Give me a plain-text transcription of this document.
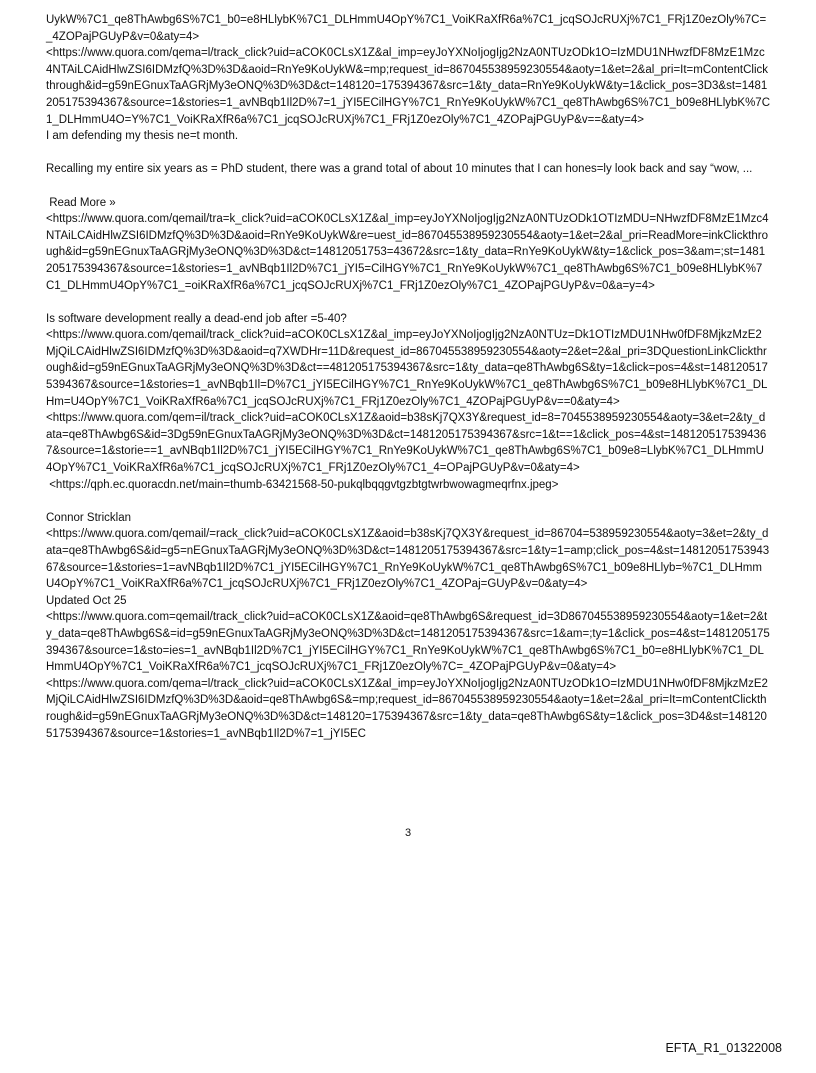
UykW%7C1_qe8ThAwbg6S%7C1_b0=e8HLlybK%7C1_DLHmmU4OpY%7C1_VoiKRaXfR6a%7C1_jcqSOJcRUXj%7C1_FRj1Z0ezOly%7C=_4ZOPajPGUyP&v=0&aty=4>

<https://www.quora.com/qema=l/track_click?uid=aCOK0CLsX1Z&al_imp=eyJoYXNoIjogIjg2NzA0NTUzODk1O=IzMDU1NHwzfDF8MzE1Mzc4NTAiLCAidHlwZSI6IDMzfQ%3D%3D&aoid=RnYe9KoUykW&=mp;request_id=867045538959230554&aoty=1&et=2&al_pri=It=mContentClickthrough&id=g59nEGnuxTaAGRjMy3eONQ%3D%3D&ct=148120=175394367&src=1&ty_data=RnYe9KoUykW&ty=1&click_pos=3D3&st=1481205175394367&source=1&stories=1_avNBqb1Il2D%7=1_jYI5ECilHGY%7C1_RnYe9KoUykW%7C1_qe8ThAwbg6S%7C1_b09e8HLlybK%7C1_DLHmmU4O=Y%7C1_VoiKRaXfR6a%7C1_jcqSOJcRUXj%7C1_FRj1Z0ezOly%7C1_4ZOPajPGUyP&v==&aty=4>

I am defending my thesis ne=t month.

Recalling my entire six years as = PhD student, there was a grand total of about 10 minutes that I can hones=ly look back and say “wow, ...

Read More »

<https://www.quora.com/qemail/tra=k_click?uid=aCOK0CLsX1Z&al_imp=eyJoYXNoIjogIjg2NzA0NTUzODk1OTIzMDU=NHwzfDF8MzE1Mzc4NTAiLCAidHlwZSI6IDMzfQ%3D%3D&aoid=RnYe9KoUykW&re=uest_id=867045538959230554&aoty=1&et=2&al_pri=ReadMore=inkClickthrough&id=g59nEGnuxTaAGRjMy3eONQ%3D%3D&ct=14812051753=43672&src=1&ty_data=RnYe9KoUykW&ty=1&click_pos=3&am=;st=1481205175394367&source=1&stories=1_avNBqb1Il2D%7C1_jYI5=CilHGY%7C1_RnYe9KoUykW%7C1_qe8ThAwbg6S%7C1_b09e8HLlybK%7C1_DLHmmU4OpY%7C1_=oiKRaXfR6a%7C1_jcqSOJcRUXj%7C1_FRj1Z0ezOly%7C1_4ZOPajPGUyP&v=0&a=y=4>

Is software development really a dead-end job after =5-40?

<https://www.quora.com/qemail/track_click?uid=aCOK0CLsX1Z&al_imp=eyJoYXNoIjogIjg2NzA0NTUz=Dk1OTIzMDU1NHw0fDF8MjkzMzE2MjQiLCAidHlwZSI6IDMzfQ%3D%3D&aoid=q7XWDHr=11D&request_id=867045538959230554&aoty=2&et=2&al_pri=3DQuestionLinkClickthrough&id=g59nEGnuxTaAGRjMy3eONQ%3D%3D&ct==481205175394367&src=1&ty_data=qe8ThAwbg6S&ty=1&click=pos=4&st=1481205175394367&source=1&stories=1_avNBqb1Il=D%7C1_jYI5ECilHGY%7C1_RnYe9KoUykW%7C1_qe8ThAwbg6S%7C1_b09e8HLlybK%7C1_DLHm=U4OpY%7C1_VoiKRaXfR6a%7C1_jcqSOJcRUXj%7C1_FRj1Z0ezOly%7C1_4ZOPajPGUyP&v==0&aty=4>

<https://www.quora.com/qem=il/track_click?uid=aCOK0CLsX1Z&aoid=b38sKj7QX3Y&request_id=8=7045538959230554&aoty=3&et=2&ty_data=qe8ThAwbg6S&id=3Dg59nEGnuxTaAGRjMy3eONQ%3D%3D&ct=1481205175394367&src=1&t==1&click_pos=4&st=1481205175394367&source=1&storie==1_avNBqb1Il2D%7C1_jYI5ECilHGY%7C1_RnYe9KoUykW%7C1_qe8ThAwbg6S%7C1_b09e8=LlybK%7C1_DLHmmU4OpY%7C1_VoiKRaXfR6a%7C1_jcqSOJcRUXj%7C1_FRj1Z0ezOly%7C1_4=OPajPGUyP&v=0&aty=4>

<https://qph.ec.quoracdn.net/main=thumb-63421568-50-pukqlbqqgvtgzbtgtwrbwowagmeqrfnx.jpeg>

Connor Stricklan

<https://www.quora.com/qemail/=rack_click?uid=aCOK0CLsX1Z&aoid=b38sKj7QX3Y&request_id=86704=538959230554&aoty=3&et=2&ty_data=qe8ThAwbg6S&id=g5=nEGnuxTaAGRjMy3eONQ%3D%3D&ct=1481205175394367&src=1&ty=1=amp;click_pos=4&st=1481205175394367&source=1&stories=1=avNBqb1Il2D%7C1_jYI5ECilHGY%7C1_RnYe9KoUykW%7C1_qe8ThAwbg6S%7C1_b09e8HLlyb=%7C1_DLHmmU4OpY%7C1_VoiKRaXfR6a%7C1_jcqSOJcRUXj%7C1_FRj1Z0ezOly%7C1_4ZOPaj=GUyP&v=0&aty=4>

Updated Oct 25

<https://www.quora.com=qemail/track_click?uid=aCOK0CLsX1Z&aoid=qe8ThAwbg6S&request_id=3D867045538959230554&aoty=1&et=2&ty_data=qe8ThAwbg6S&=id=g59nEGnuxTaAGRjMy3eONQ%3D%3D&ct=1481205175394367&src=1&am=;ty=1&click_pos=4&st=1481205175394367&source=1&sto=ies=1_avNBqb1Il2D%7C1_jYI5ECilHGY%7C1_RnYe9KoUykW%7C1_qe8ThAwbg6S%7C1_b0=e8HLlybK%7C1_DLHmmU4OpY%7C1_VoiKRaXfR6a%7C1_jcqSOJcRUXj%7C1_FRj1Z0ezOly%7C=_4ZOPajPGUyP&v=0&aty=4>

<https://www.quora.com/qema=l/track_click?uid=aCOK0CLsX1Z&al_imp=eyJoYXNoIjogIjg2NzA0NTUzODk1O=IzMDU1NHw0fDF8MjkzMzE2MjQiLCAidHlwZSI6IDMzfQ%3D%3D&aoid=qe8ThAwbg6S&=mp;request_id=867045538959230554&aoty=1&et=2&al_pri=It=mContentClickthrough&id=g59nEGnuxTaAGRjMy3eONQ%3D%3D&ct=148120=175394367&src=1&ty_data=qe8ThAwbg6S&ty=1&click_pos=3D4&st=1481205175394367&source=1&stories=1_avNBqb1Il2D%7=1_jYI5EC

3
EFTA_R1_01322008
